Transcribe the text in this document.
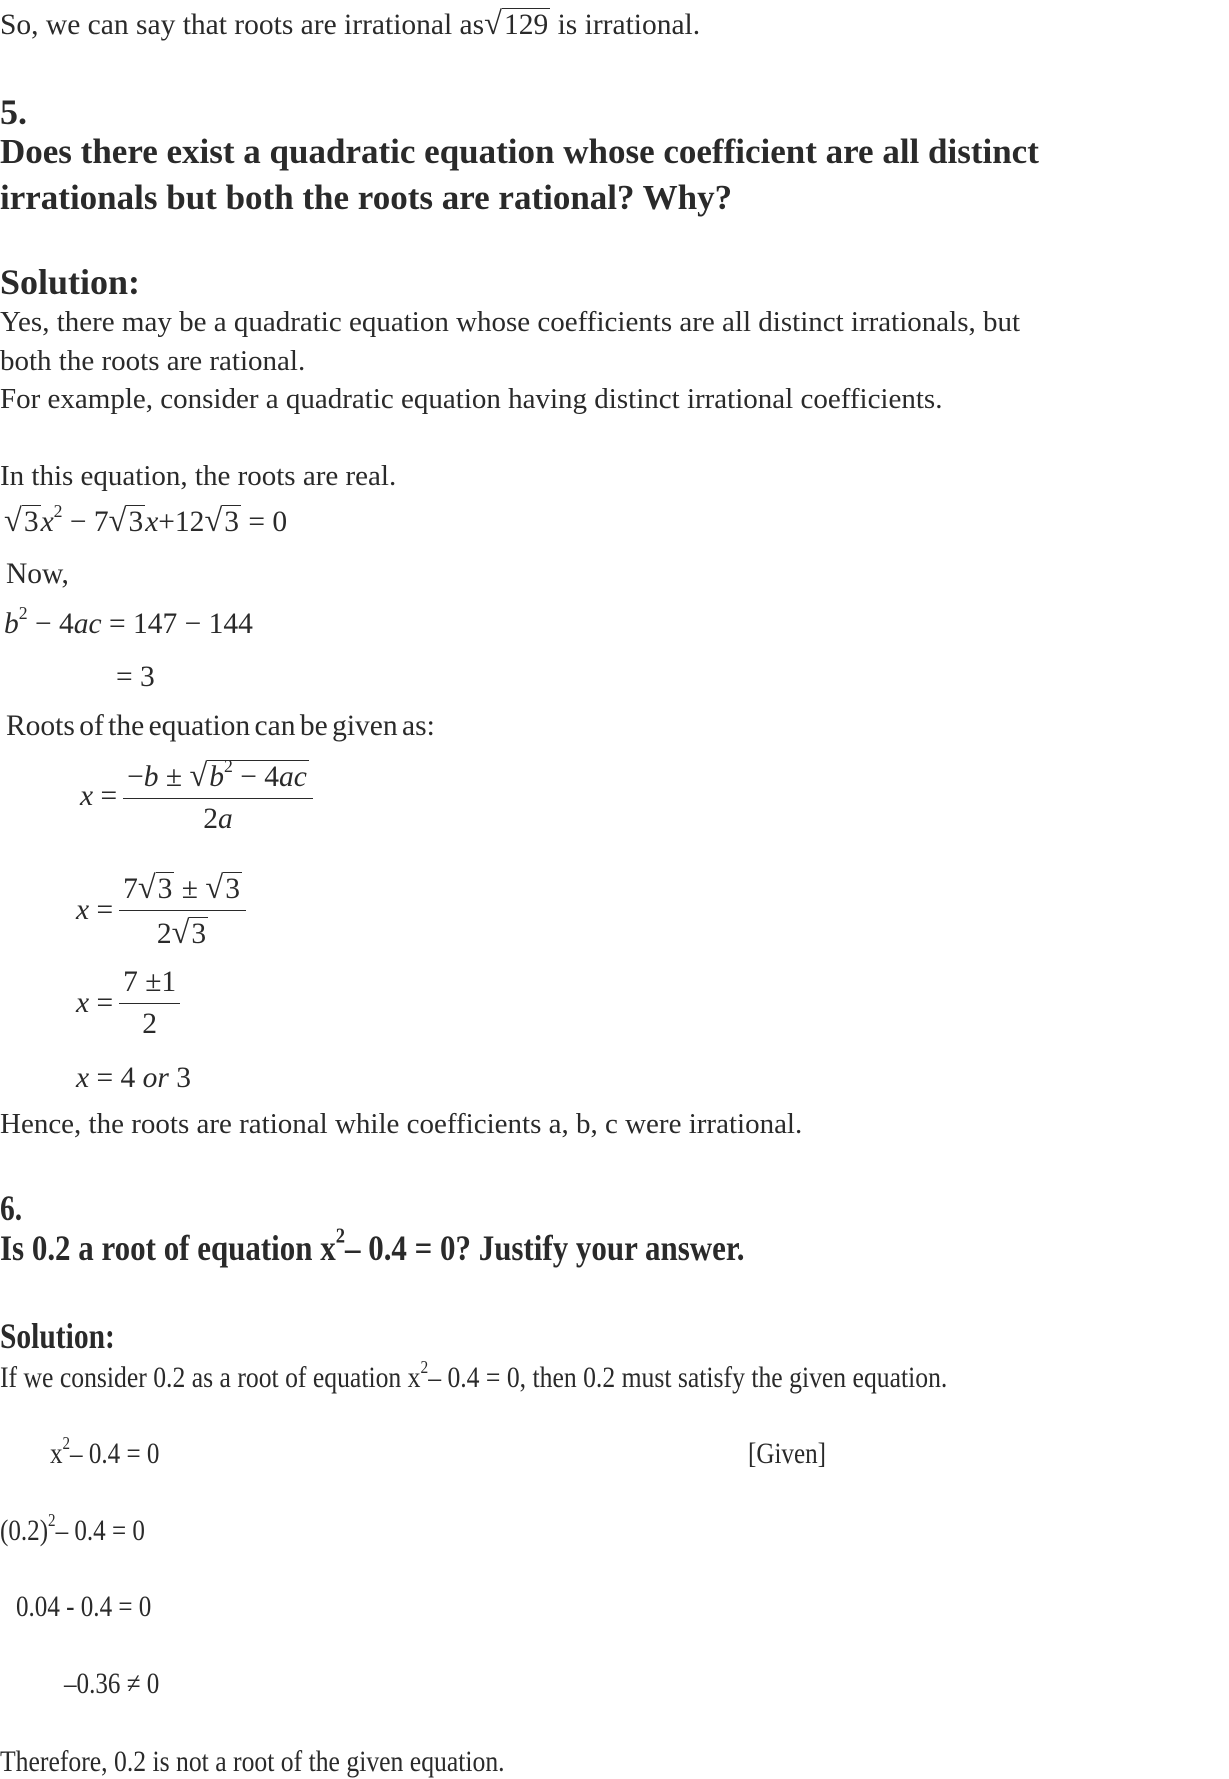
So, we can say that roots are irrational as√129 is irrational.
5.
Does there exist a quadratic equation whose coefficient are all distinct
irrationals but both the roots are rational? Why?
Solution:
Yes, there may be a quadratic equation whose coefficients are all distinct irrationals, but
both the roots are rational.
For example, consider a quadratic equation having distinct irrational coefficients.
In this equation, the roots are real.
$√3x^2 - 7√3x+12√3 = 0$
Now,
$b^2 - 4ac = 147 - 144$
= 3
Roots of the equation can be given as:
$x = \frac{-b \pm √b^2 - 4ac}{2a}$
$x = \frac{7√3 \pm √3}{2√3}$
$x = \frac{7 \pm 1}{2}$
x = 4 or 3
Hence, the roots are rational while coefficients a, b, c were irrational.
6.
Is 0.2 a root of equation $x^2-$ 0.4 = 0? Justify your answer.
Solution:
If we consider 0.2 as a root of equation $x^2-$ 0.4 = 0, then 0.2 must satisfy the given equation.
$x^2-$ 0.4 = 0	[Given]
$(0.2)^2-$ 0.4 = 0
0.04 - 0.4 = 0
–0.36 ≠ 0
Therefore, 0.2 is not a root of the given equation.
